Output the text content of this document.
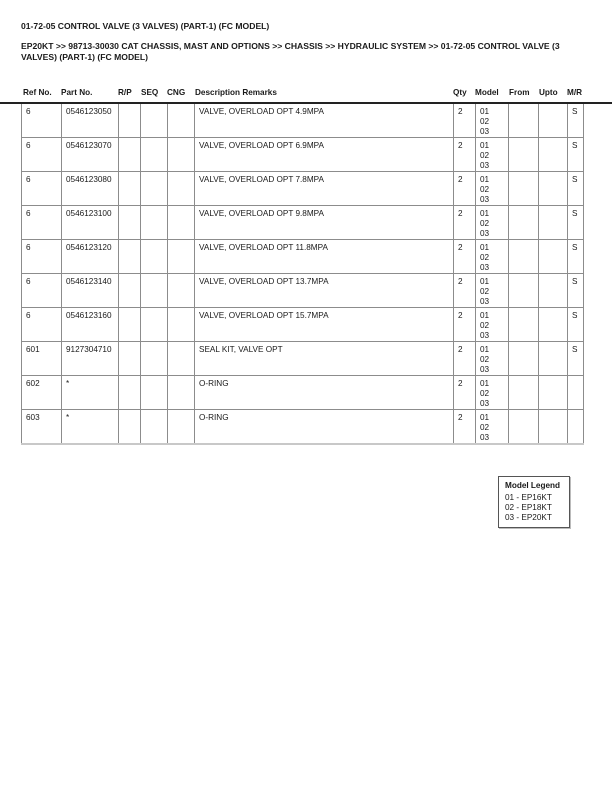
01-72-05 CONTROL VALVE (3 VALVES) (PART-1) (FC MODEL)
EP20KT >> 98713-30030 CAT CHASSIS, MAST AND OPTIONS >> CHASSIS >> HYDRAULIC SYSTEM >> 01-72-05 CONTROL VALVE (3 VALVES) (PART-1) (FC MODEL)
Ref No. Part No.	R/P SEQ CNG Description Remarks	Qty Model From Upto M/R
6	0546123050				VALVE, OVERLOAD OPT 4.9MPA	2	01
02
03			S
6	0546123070				VALVE, OVERLOAD OPT 6.9MPA	2	01
02
03			S
6	0546123080				VALVE, OVERLOAD OPT 7.8MPA	2	01
02
03			S
6	0546123100				VALVE, OVERLOAD OPT 9.8MPA	2	01
02
03			S
6	0546123120				VALVE, OVERLOAD OPT 11.8MPA	2	01
02
03			S
6	0546123140				VALVE, OVERLOAD OPT 13.7MPA	2	01
02
03			S
6	0546123160				VALVE, OVERLOAD OPT 15.7MPA	2	01
02
03			S
601	9127304710				SEAL KIT, VALVE OPT	2	01
02
03			S
602	*				O-RING	2	01
02
03			

603	*				O-RING	2	01
02
03			

Model Legend
01 - EP16KT
02 - EP18KT
03 - EP20KT
